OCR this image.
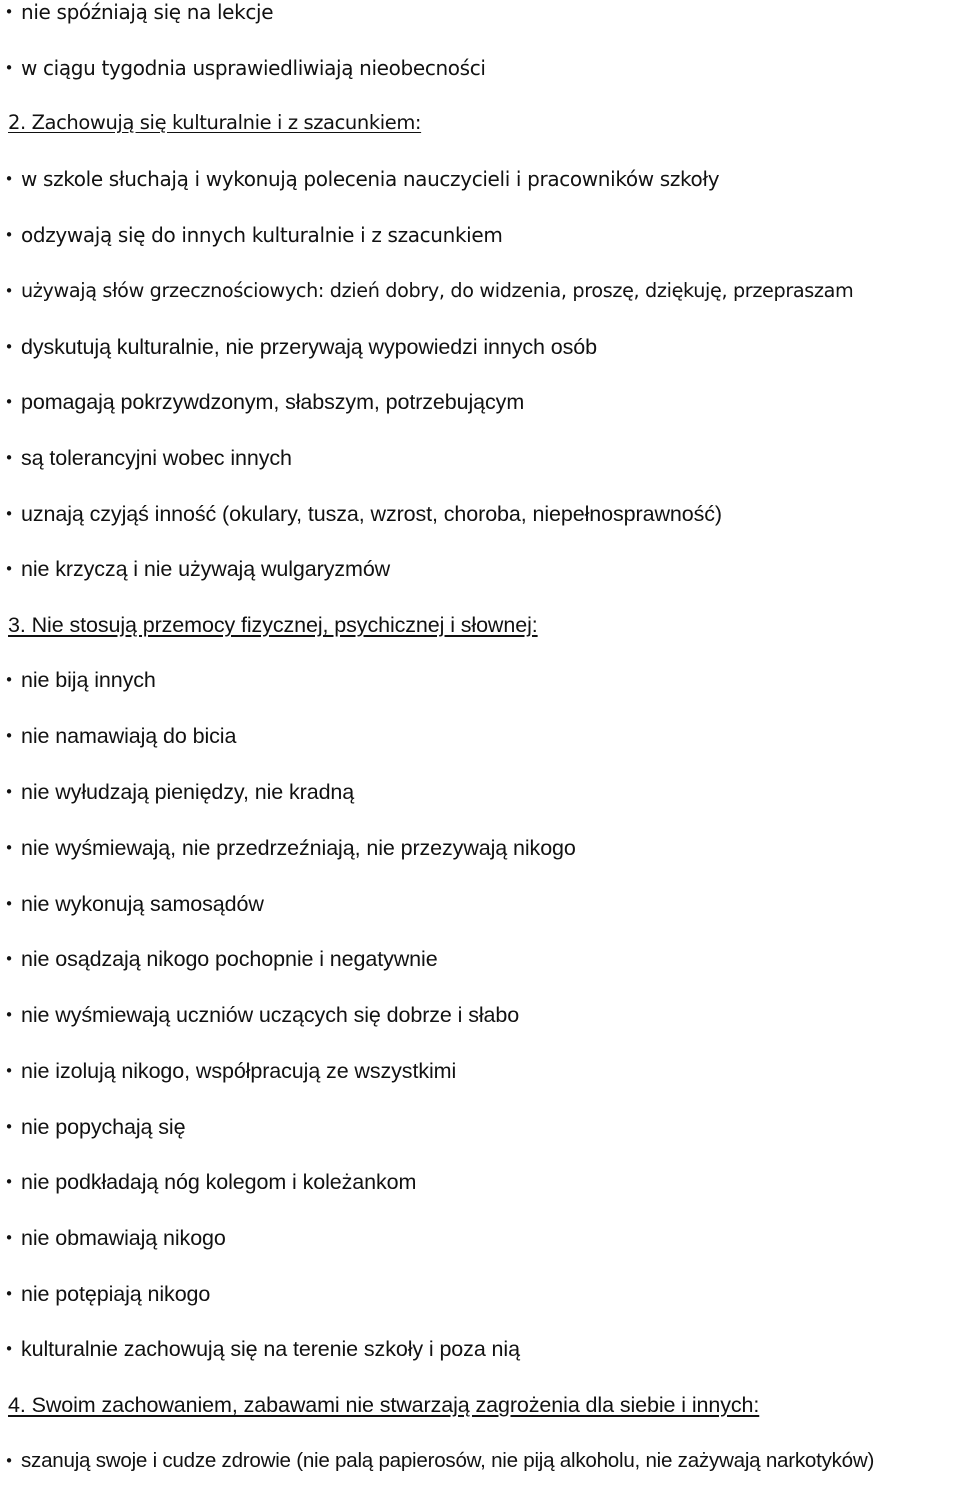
• nie spóźniają się na lekcje
• w ciągu tygodnia usprawiedliwiają nieobecności
2. Zachowują się kulturalnie i z szacunkiem:
• w szkole słuchają i wykonują polecenia nauczycieli i pracowników szkoły
• odzywają się do innych kulturalnie i z szacunkiem
• używają słów grzecznościowych: dzień dobry, do widzenia, proszę, dziękuję, przepraszam
• dyskutują kulturalnie, nie przerywają wypowiedzi innych osób
• pomagają pokrzywdzonym, słabszym, potrzebującym
• są tolerancyjni wobec innych
• uznają czyjąś inność (okulary, tusza, wzrost, choroba, niepełnosprawność)
• nie krzyczą i nie używają wulgaryzmów
3. Nie stosują przemocy fizycznej, psychicznej i słownej:
• nie biją innych
• nie namawiają do bicia
• nie wyłudzają pieniędzy, nie kradną
• nie wyśmiewają, nie przedrzeźniają, nie przezywają nikogo
• nie wykonują samosądów
• nie osądzają nikogo pochopnie i negatywnie
• nie wyśmiewają uczniów uczących się dobrze i słabo
• nie izolują nikogo, współpracują ze wszystkimi
• nie popychają się
• nie podkładają nóg kolegom i koleżankom
• nie obmawiają nikogo
• nie potępiają nikogo
• kulturalnie zachowują się na terenie szkoły i poza nią
4. Swoim zachowaniem, zabawami nie stwarzają zagrożenia dla siebie i innych:
• szanują swoje i cudze zdrowie (nie palą papierosów, nie piją alkoholu, nie zażywają narkotyków)
